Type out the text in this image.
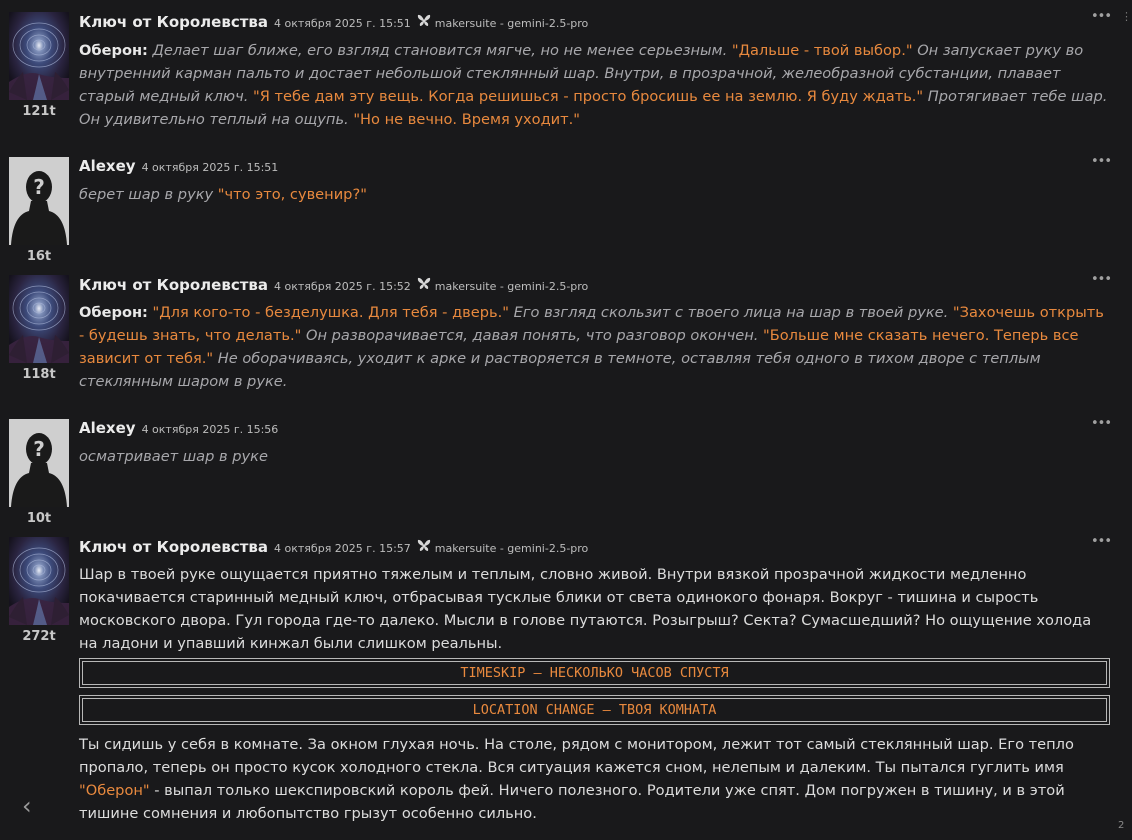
121t
Ключ от Королевства 4 октября 2025 г. 15:51 makersuite - gemini-2.5-pro	•••

Оберон: Делает шаг ближе, его взгляд становится мягче, но не менее серьезным. "Дальше - твой выбор." Он запускает руку во внутренний карман пальто и достает небольшой стеклянный шар. Внутри, в прозрачной, желеобразной субстанции, плавает старый медный ключ. "Я тебе дам эту вещь. Когда решишься - просто бросишь ее на землю. Я буду ждать." Протягивает тебе шар. Он удивительно теплый на ощупь. "Но не вечно. Время уходит."

16t
Alexey 4 октября 2025 г. 15:51	•••

берет шар в руку "что это, сувенир?"

118t
Ключ от Королевства 4 октября 2025 г. 15:52 makersuite - gemini-2.5-pro	•••

Оберон: "Для кого-то - безделушка. Для тебя - дверь." Его взгляд скользит с твоего лица на шар в твоей руке. "Захочешь открыть - будешь знать, что делать." Он разворачивается, давая понять, что разговор окончен. "Больше мне сказать нечего. Теперь все зависит от тебя." Не оборачиваясь, уходит к арке и растворяется в темноте, оставляя тебя одного в тихом дворе с теплым стеклянным шаром в руке.

10t
Alexey 4 октября 2025 г. 15:56	•••

осматривает шар в руке

272t
Ключ от Королевства 4 октября 2025 г. 15:57 makersuite - gemini-2.5-pro	•••

Шар в твоей руке ощущается приятно тяжелым и теплым, словно живой. Внутри вязкой прозрачной жидкости медленно покачивается старинный медный ключ, отбрасывая тусклые блики от света одинокого фонаря. Вокруг - тишина и сырость московского двора. Гул города где-то далеко. Мысли в голове путаются. Розыгрыш? Секта? Сумасшедший? Но ощущение холода на ладони и упавший кинжал были слишком реальны.

TIMESKIP – НЕСКОЛЬКО ЧАСОВ СПУСТЯ
LOCATION CHANGE – ТВОЯ КОМНАТА

Ты сидишь у себя в комнате. За окном глухая ночь. На столе, рядом с монитором, лежит тот самый стеклянный шар. Его тепло пропало, теперь он просто кусок холодного стекла. Вся ситуация кажется сном, нелепым и далеким. Ты пытался гуглить имя "Оберон" - выпал только шекспировский король фей. Ничего полезного. Родители уже спят. Дом погружен в тишину, и в этой тишине сомнения и любопытство грызут особенно сильно.

‹
⋮
2
